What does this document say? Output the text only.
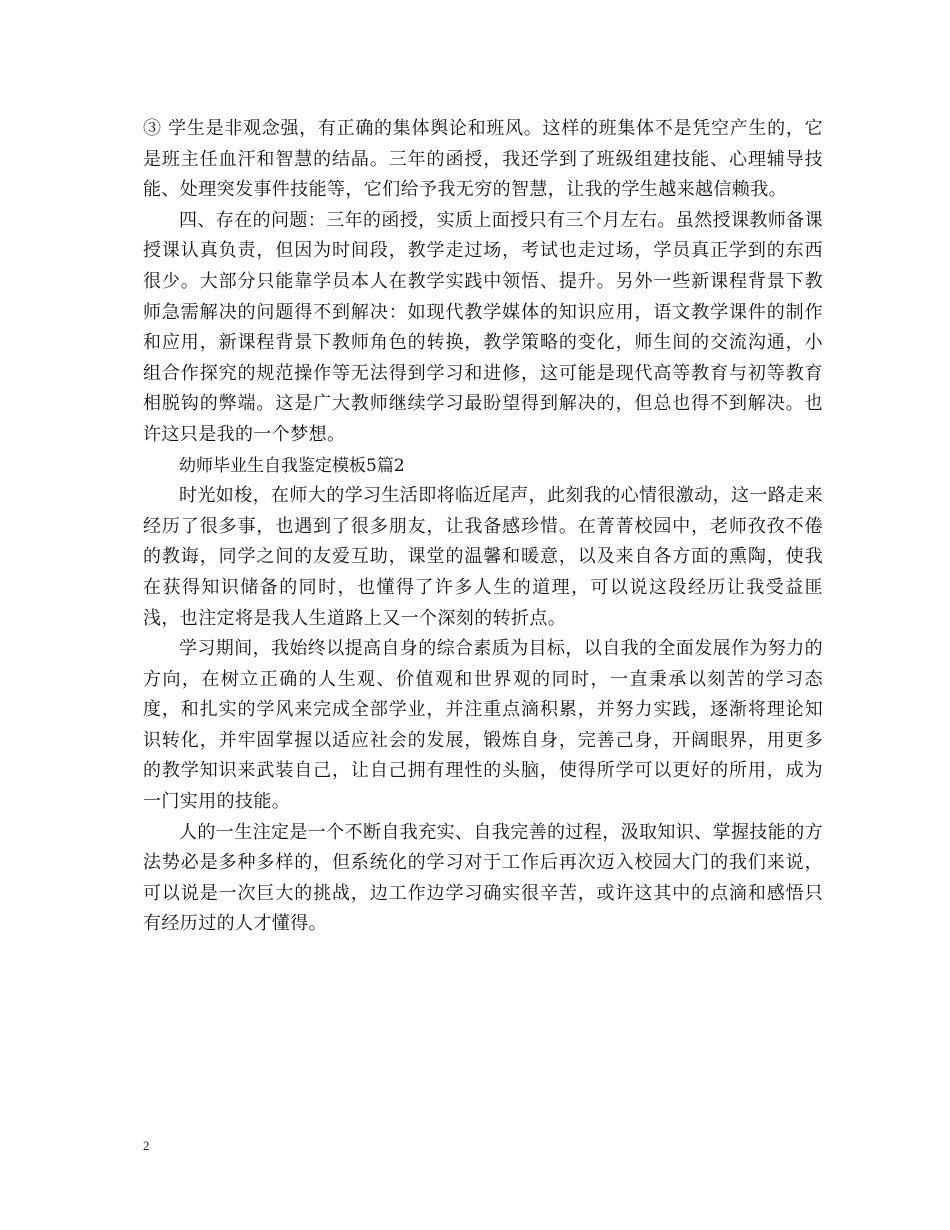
③ 学生是非观念强，有正确的集体舆论和班风。这样的班集体不是凭空产生的，它是班主任血汗和智慧的结晶。三年的函授，我还学到了班级组建技能、心理辅导技能、处理突发事件技能等，它们给予我无穷的智慧，让我的学生越来越信赖我。

四、存在的问题：三年的函授，实质上面授只有三个月左右。虽然授课教师备课授课认真负责，但因为时间段，教学走过场，考试也走过场，学员真正学到的东西很少。大部分只能靠学员本人在教学实践中领悟、提升。另外一些新课程背景下教师急需解决的问题得不到解决：如现代教学媒体的知识应用，语文教学课件的制作和应用，新课程背景下教师角色的转换，教学策略的变化，师生间的交流沟通，小组合作探究的规范操作等无法得到学习和进修，这可能是现代高等教育与初等教育相脱钩的弊端。这是广大教师继续学习最盼望得到解决的，但总也得不到解决。也许这只是我的一个梦想。

幼师毕业生自我鉴定模板5篇2

时光如梭，在师大的学习生活即将临近尾声，此刻我的心情很激动，这一路走来经历了很多事，也遇到了很多朋友，让我备感珍惜。在菁菁校园中，老师孜孜不倦的教诲，同学之间的友爱互助，课堂的温馨和暖意，以及来自各方面的熏陶，使我在获得知识储备的同时，也懂得了许多人生的道理，可以说这段经历让我受益匪浅，也注定将是我人生道路上又一个深刻的转折点。

学习期间，我始终以提高自身的综合素质为目标，以自我的全面发展作为努力的方向，在树立正确的人生观、价值观和世界观的同时，一直秉承以刻苦的学习态度，和扎实的学风来完成全部学业，并注重点滴积累，并努力实践，逐渐将理论知识转化，并牢固掌握以适应社会的发展，锻炼自身，完善己身，开阔眼界，用更多的教学知识来武装自己，让自己拥有理性的头脑，使得所学可以更好的所用，成为一门实用的技能。

人的一生注定是一个不断自我充实、自我完善的过程，汲取知识、掌握技能的方法势必是多种多样的，但系统化的学习对于工作后再次迈入校园大门的我们来说，可以说是一次巨大的挑战，边工作边学习确实很辛苦，或许这其中的点滴和感悟只有经历过的人才懂得。

2
